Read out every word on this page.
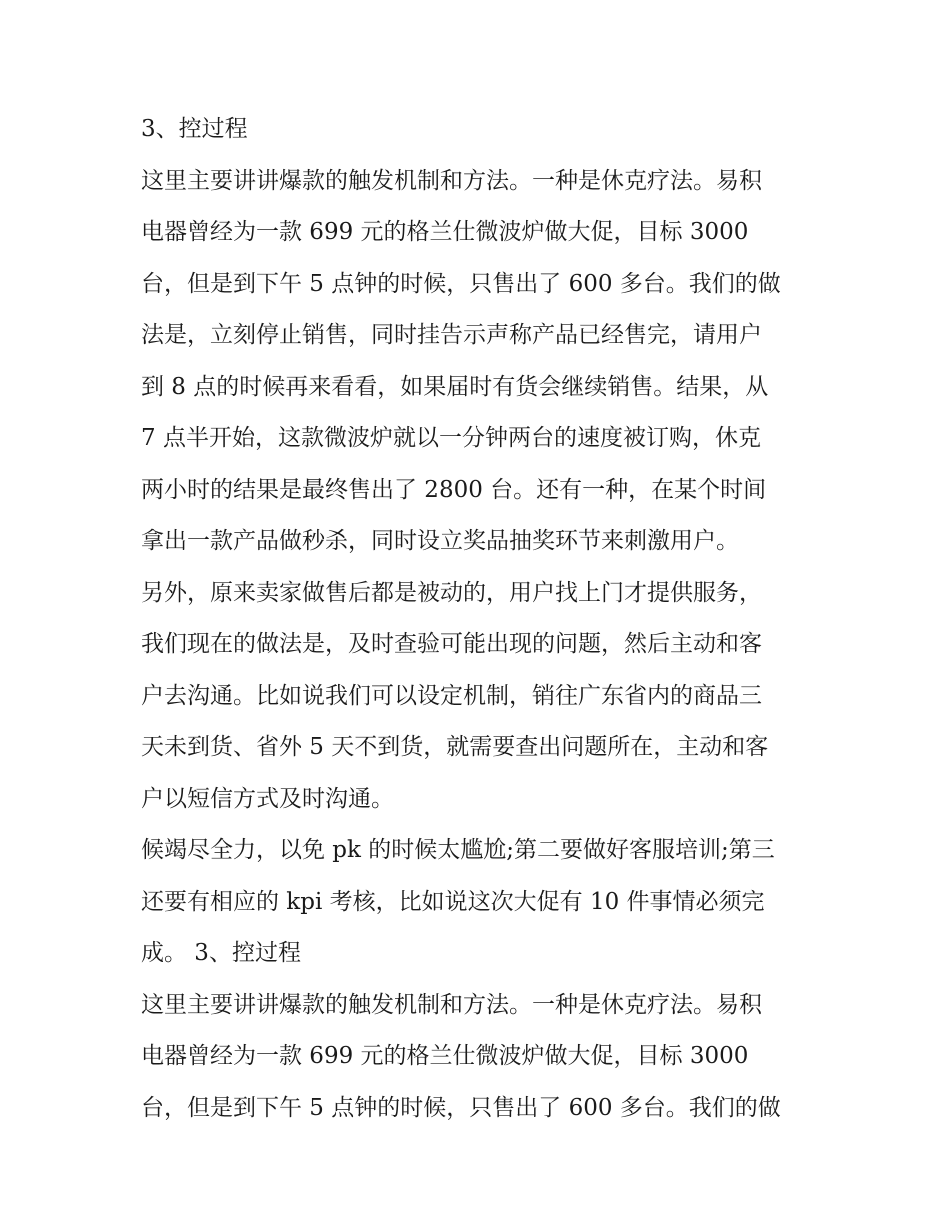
3、控过程
这里主要讲讲爆款的触发机制和方法。一种是休克疗法。易积
电器曾经为一款 699 元的格兰仕微波炉做大促，目标 3000
台，但是到下午 5 点钟的时候，只售出了 600 多台。我们的做
法是，立刻停止销售，同时挂告示声称产品已经售完，请用户
到 8 点的时候再来看看，如果届时有货会继续销售。结果，从
7 点半开始，这款微波炉就以一分钟两台的速度被订购，休克
两小时的结果是最终售出了 2800 台。还有一种，在某个时间
拿出一款产品做秒杀，同时设立奖品抽奖环节来刺激用户。
另外，原来卖家做售后都是被动的，用户找上门才提供服务，
我们现在的做法是，及时查验可能出现的问题，然后主动和客
户去沟通。比如说我们可以设定机制，销往广东省内的商品三
天未到货、省外 5 天不到货，就需要查出问题所在，主动和客
户以短信方式及时沟通。
候竭尽全力，以免 pk 的时候太尴尬;第二要做好客服培训;第三
还要有相应的 kpi 考核，比如说这次大促有 10 件事情必须完
成。 3、控过程
这里主要讲讲爆款的触发机制和方法。一种是休克疗法。易积
电器曾经为一款 699 元的格兰仕微波炉做大促，目标 3000
台，但是到下午 5 点钟的时候，只售出了 600 多台。我们的做
